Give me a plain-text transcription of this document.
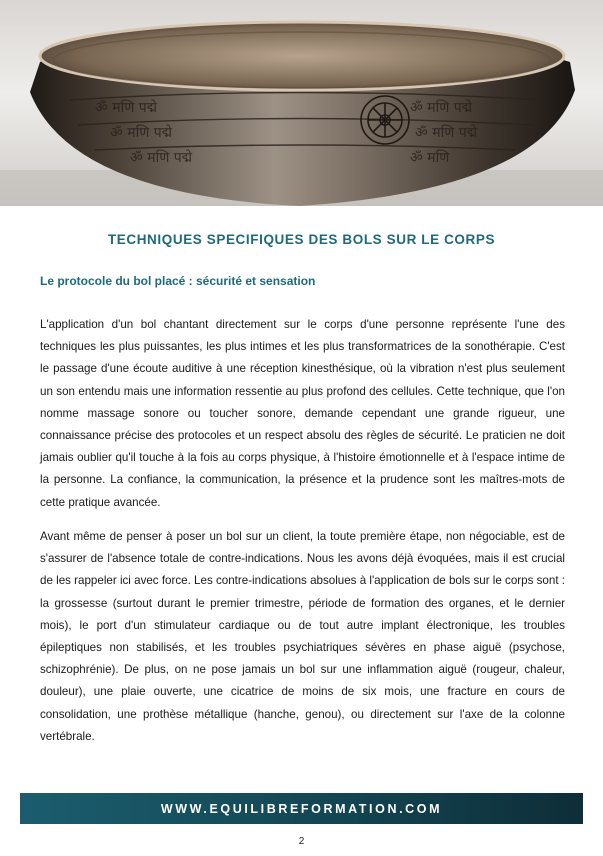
ॐ मणि पद्मे
ॐ मणि पद्मे
ॐ मणि पद्मे
ॐ मणि पद्मे
ॐ मणि पद्मे
ॐ मणि
TECHNIQUES SPECIFIQUES DES BOLS SUR LE CORPS
Le protocole du bol placé : sécurité et sensation

L'application d'un bol chantant directement sur le corps d'une personne représente l'une des techniques les plus puissantes, les plus intimes et les plus transformatrices de la sonothérapie. C'est le passage d'une écoute auditive à une réception kinesthésique, où la vibration n'est plus seulement un son entendu mais une information ressentie au plus profond des cellules. Cette technique, que l'on nomme massage sonore ou toucher sonore, demande cependant une grande rigueur, une connaissance précise des protocoles et un respect absolu des règles de sécurité. Le praticien ne doit jamais oublier qu'il touche à la fois au corps physique, à l'histoire émotionnelle et à l'espace intime de la personne. La confiance, la communication, la présence et la prudence sont les maîtres-mots de cette pratique avancée.

Avant même de penser à poser un bol sur un client, la toute première étape, non négociable, est de s'assurer de l'absence totale de contre-indications. Nous les avons déjà évoquées, mais il est crucial de les rappeler ici avec force. Les contre-indications absolues à l'application de bols sur le corps sont : la grossesse (surtout durant le premier trimestre, période de formation des organes, et le dernier mois), le port d'un stimulateur cardiaque ou de tout autre implant électronique, les troubles épileptiques non stabilisés, et les troubles psychiatriques sévères en phase aiguë (psychose, schizophrénie). De plus, on ne pose jamais un bol sur une inflammation aiguë (rougeur, chaleur, douleur), une plaie ouverte, une cicatrice de moins de six mois, une fracture en cours de consolidation, une prothèse métallique (hanche, genou), ou directement sur l'axe de la colonne vertébrale.

WWW.EQUILIBREFORMATION.COM
2
